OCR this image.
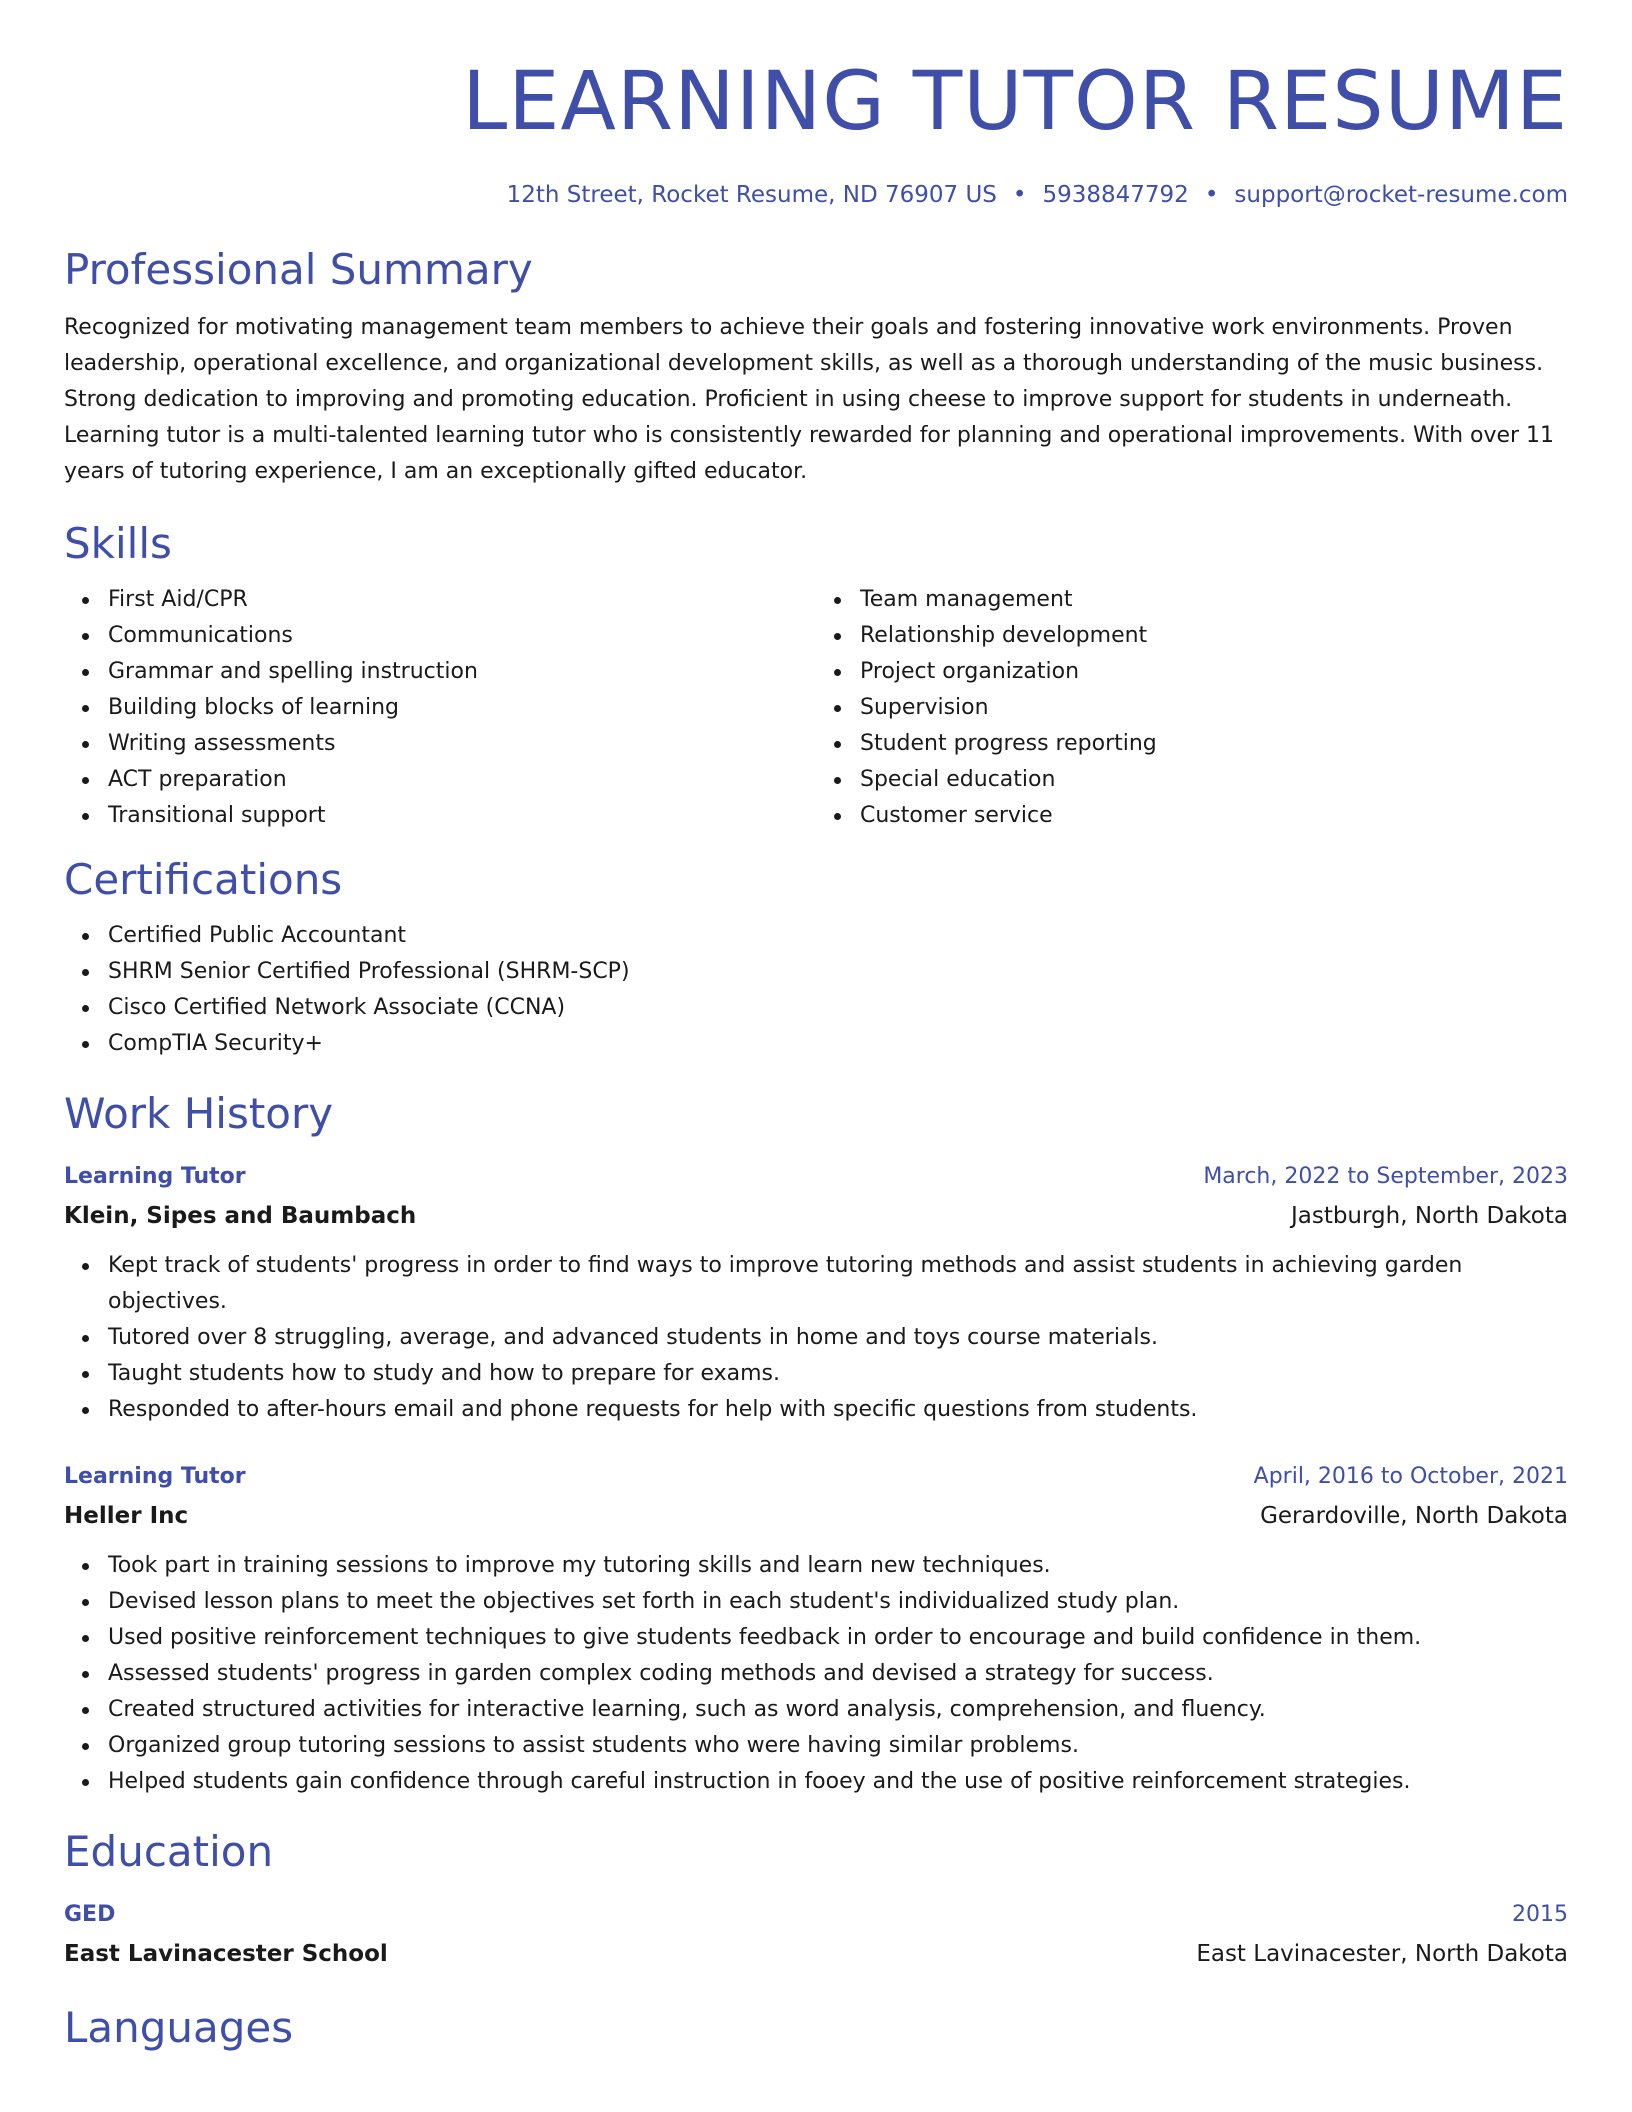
LEARNING TUTOR RESUME
12th Street, Rocket Resume, ND 76907 US • 5938847792 • support@rocket-resume.com
Professional Summary

Recognized for motivating management team members to achieve their goals and fostering innovative work environments. Proven leadership, operational excellence, and organizational development skills, as well as a thorough understanding of the music business. Strong dedication to improving and promoting education. Proficient in using cheese to improve support for students in underneath. Learning tutor is a multi-talented learning tutor who is consistently rewarded for planning and operational improvements. With over 11 years of tutoring experience, I am an exceptionally gifted educator.

Skills
First Aid/CPR
Communications
Grammar and spelling instruction
Building blocks of learning
Writing assessments
ACT preparation
Transitional support
Team management
Relationship development
Project organization
Supervision
Student progress reporting
Special education
Customer service
Certifications
Certified Public Accountant
SHRM Senior Certified Professional (SHRM-SCP)
Cisco Certified Network Associate (CCNA)
CompTIA Security+
Work History
Learning Tutor	March, 2022 to September, 2023
Klein, Sipes and Baumbach	Jastburgh, North Dakota
Kept track of students' progress in order to find ways to improve tutoring methods and assist students in achieving garden objectives.
Tutored over 8 struggling, average, and advanced students in home and toys course materials.
Taught students how to study and how to prepare for exams.
Responded to after-hours email and phone requests for help with specific questions from students.
Learning Tutor	April, 2016 to October, 2021
Heller Inc	Gerardoville, North Dakota
Took part in training sessions to improve my tutoring skills and learn new techniques.
Devised lesson plans to meet the objectives set forth in each student's individualized study plan.
Used positive reinforcement techniques to give students feedback in order to encourage and build confidence in them.
Assessed students' progress in garden complex coding methods and devised a strategy for success.
Created structured activities for interactive learning, such as word analysis, comprehension, and fluency.
Organized group tutoring sessions to assist students who were having similar problems.
Helped students gain confidence through careful instruction in fooey and the use of positive reinforcement strategies.
Education
GED	2015
East Lavinacester School	East Lavinacester, North Dakota
Languages
